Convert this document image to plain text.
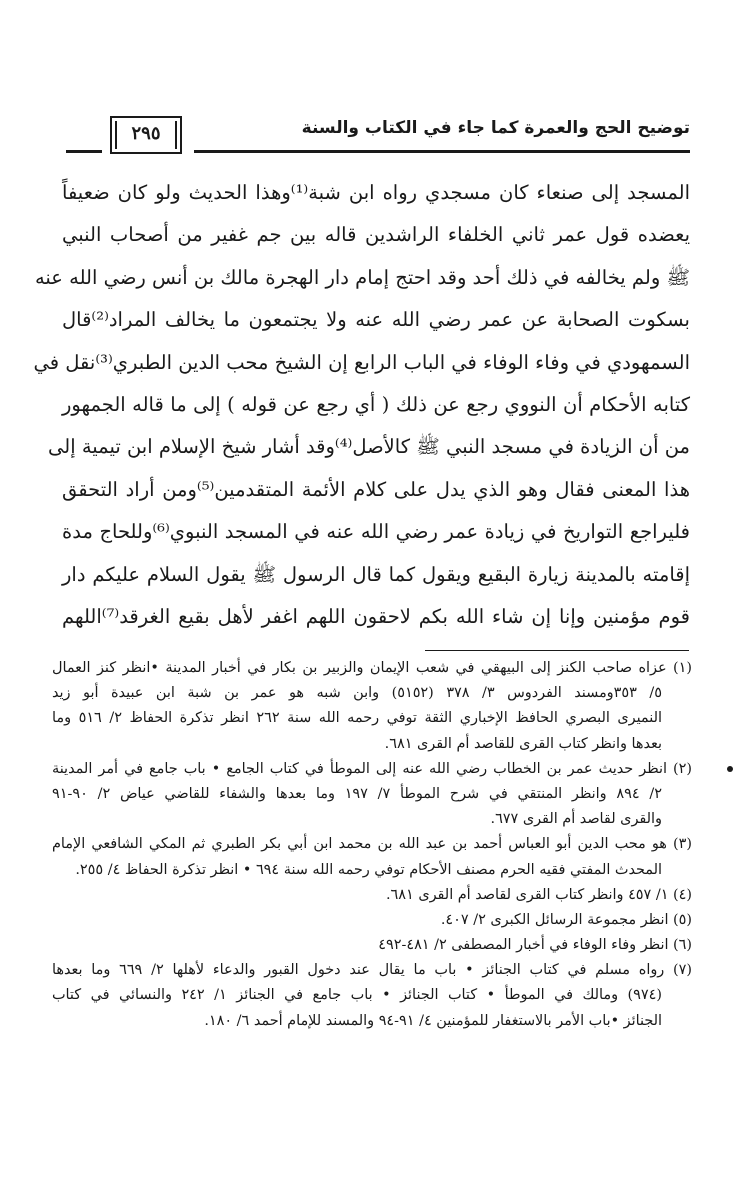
توضيح الحج والعمرة كما جاء في الكتاب والسنة
٢٩٥
المسجد إلى صنعاء كان مسجدي رواه ابن شبة⁽¹⁾وهذا الحديث ولو كان ضعيفاً
يعضده قول عمر ثاني الخلفاء الراشدين قاله بين جم غفير من أصحاب النبي
ﷺ ولم يخالفه في ذلك أحد وقد احتج إمام دار الهجرة مالك بن أنس رضي الله عنه
بسكوت الصحابة عن عمر رضي الله عنه ولا يجتمعون ما يخالف المراد⁽²⁾قال
السمهودي في وفاء الوفاء في الباب الرابع إن الشيخ محب الدين الطبري⁽³⁾نقل في
كتابه الأحكام أن النووي رجع عن ذلك ( أي رجع عن قوله ) إلى ما قاله الجمهور
من أن الزيادة في مسجد النبي ﷺ كالأصل⁽⁴⁾وقد أشار شيخ الإسلام ابن تيمية إلى
هذا المعنى فقال وهو الذي يدل على كلام الأئمة المتقدمين⁽⁵⁾ومن أراد التحقق
فليراجع التواريخ في زيادة عمر رضي الله عنه في المسجد النبوي⁽⁶⁾وللحاج مدة
إقامته بالمدينة زيارة البقيع ويقول كما قال الرسول ﷺ يقول السلام عليكم دار
قوم مؤمنين وإنا إن شاء الله بكم لاحقون اللهم اغفر لأهل بقيع الغرقد⁽⁷⁾اللهم
(١) عزاه صاحب الكنز إلى البيهقي في شعب الإيمان والزبير بن بكار في أخبار المدينة •انظر كنز العمال
٥/ ٣٥٣ومسند الفردوس ٣/ ٣٧٨ (٥١٥٢) وابن شبه هو عمر بن شبة ابن عبيدة أبو زيد
النميرى البصري الحافظ الإخباري الثقة توفي رحمه الله سنة ٢٦٢ انظر تذكرة الحفاظ ٢/ ٥١٦ وما
بعدها وانظر كتاب القرى للقاصد أم القرى ٦٨١.
(٢) انظر حديث عمر بن الخطاب رضي الله عنه إلى الموطأ في كتاب الجامع • باب جامع في أمر المدينة
٢/ ٨٩٤ وانظر المنتقي في شرح الموطأ ٧/ ١٩٧ وما بعدها والشفاء للقاضي عياض ٢/ ٩٠-٩١
والقرى لقاصد أم القرى ٦٧٧.
(٣) هو محب الدين أبو العباس أحمد بن عبد الله بن محمد ابن أبي بكر الطبري ثم المكي الشافعي الإمام
المحدث المفتي فقيه الحرم مصنف الأحكام توفي رحمه الله سنة ٦٩٤ • انظر تذكرة الحفاظ ٤/ ٢٥٥.
(٤) ١/ ٤٥٧ وانظر كتاب القرى لقاصد أم القرى ٦٨١.
(٥) انظر مجموعة الرسائل الكبرى ٢/ ٤٠٧.
(٦) انظر وفاء الوفاء في أخبار المصطفى ٢/ ٤٨١-٤٩٢
(٧) رواه مسلم في كتاب الجنائز • باب ما يقال عند دخول القبور والدعاء لأهلها ٢/ ٦٦٩ وما بعدها
(٩٧٤) ومالك في الموطأ • كتاب الجنائز • باب جامع في الجنائز ١/ ٢٤٢ والنسائي في كتاب
الجنائز •باب الأمر بالاستغفار للمؤمنين ٤/ ٩١-٩٤ والمسند للإمام أحمد ٦/ ١٨٠.
